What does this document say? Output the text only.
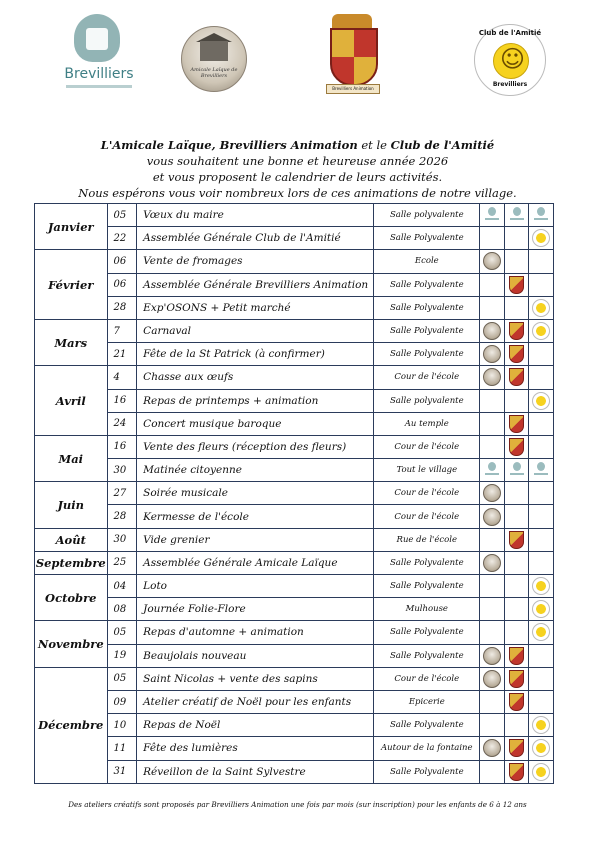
Brevilliers	Amicale Laïque de Brevilliers
Brevilliers Animation
Club de l'Amitié
☺
Brevilliers
L'Amicale Laïque, Brevilliers Animation et le Club de l'Amitié
vous souhaitent une bonne et heureuse année 2026
et vous proposent le calendrier de leurs activités.
Nous espérons vous voir nombreux lors de ces animations de notre village.
Janvier	05	Vœux du maire	Salle polyvalente			
	22	Assemblée Générale Club de l'Amitié	Salle Polyvalente			
Février	06	Vente de fromages	Ecole			
	06	Assemblée Générale Brevilliers Animation	Salle Polyvalente			
	28	Exp'OSONS + Petit marché	Salle Polyvalente			
Mars	7	Carnaval	Salle Polyvalente			
	21	Fête de la St Patrick (à confirmer)	Salle Polyvalente			
Avril	4	Chasse aux œufs	Cour de l'école			
	16	Repas de printemps + animation	Salle polyvalente			
	24	Concert musique baroque	Au temple			
Mai	16	Vente des fleurs (réception des fleurs)	Cour de l'école			
	30	Matinée citoyenne	Tout le village			
Juin	27	Soirée musicale	Cour de l'école			
	28	Kermesse de l'école	Cour de l'école			
Août	30	Vide grenier	Rue de l'école			
Septembre	25	Assemblée Générale Amicale Laïque	Salle Polyvalente			
Octobre	04	Loto	Salle Polyvalente			
	08	Journée Folie-Flore	Mulhouse			
Novembre	05	Repas d'automne + animation	Salle Polyvalente			
	19	Beaujolais nouveau	Salle Polyvalente			
Décembre	05	Saint Nicolas + vente des sapins	Cour de l'école			
	09	Atelier créatif de Noël pour les enfants	Epicerie			
	10	Repas de Noël	Salle Polyvalente			
	11	Fête des lumières	Autour de la fontaine			
	31	Réveillon de la Saint Sylvestre	Salle Polyvalente			
Des ateliers créatifs sont proposés par Brevilliers Animation une fois par mois (sur inscription) pour les enfants de 6 à 12 ans
